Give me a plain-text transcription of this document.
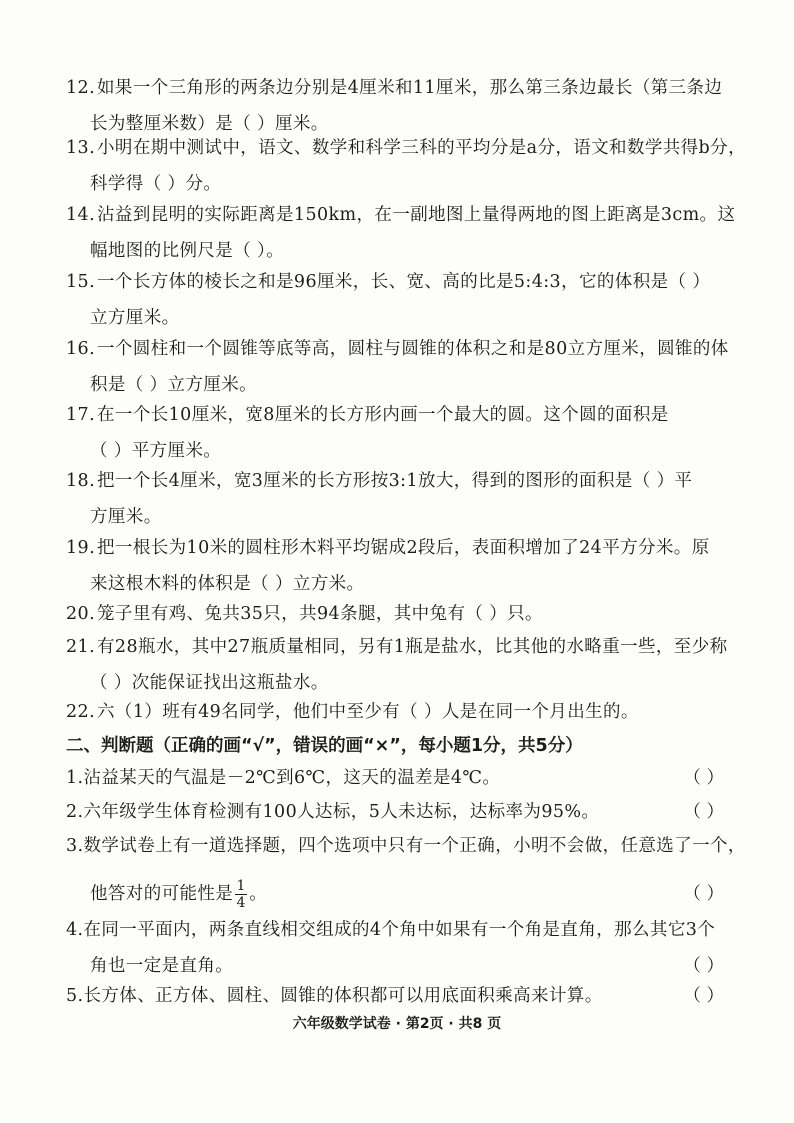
12. 如果一个三角形的两条边分别是4厘米和11厘米，那么第三条边最长（第三条边
长为整厘米数）是（ ）厘米。
13. 小明在期中测试中，语文、数学和科学三科的平均分是a分，语文和数学共得b分，
科学得（ ）分。
14. 沾益到昆明的实际距离是150km，在一副地图上量得两地的图上距离是3cm。这
幅地图的比例尺是（ ）。
15. 一个长方体的棱长之和是96厘米，长、宽、高的比是5:4:3，它的体积是（ ）
立方厘米。
16. 一个圆柱和一个圆锥等底等高，圆柱与圆锥的体积之和是80立方厘米，圆锥的体
积是（ ）立方厘米。
17. 在一个长10厘米，宽8厘米的长方形内画一个最大的圆。这个圆的面积是
（ ）平方厘米。
18. 把一个长4厘米，宽3厘米的长方形按3:1放大，得到的图形的面积是（ ）平
方厘米。
19. 把一根长为10米的圆柱形木料平均锯成2段后，表面积增加了24平方分米。原
来这根木料的体积是（ ）立方米。
20. 笼子里有鸡、兔共35只，共94条腿，其中兔有（ ）只。
21. 有28瓶水，其中27瓶质量相同，另有1瓶是盐水，比其他的水略重一些，至少称
（ ）次能保证找出这瓶盐水。
22. 六（1）班有49名同学，他们中至少有（ ）人是在同一个月出生的。
二、判断题（正确的画“√”，错误的画“×”，每小题1分，共5分）
1.沾益某天的气温是－2℃到6℃，这天的温差是4℃。	（ ）
2.六年级学生体育检测有100人达标，5人未达标，达标率为95%。	（ ）
3.数学试卷上有一道选择题，四个选项中只有一个正确，小明不会做，任意选了一个，
他答对的可能性是 $\frac{1}{4}$ 。	（ ）
4.在同一平面内，两条直线相交组成的4个角中如果有一个角是直角，那么其它3个
角也一定是直角。	（ ）
5.长方体、正方体、圆柱、圆锥的体积都可以用底面积乘高来计算。	（ ）
六年级数学试卷 · 第2页 · 共8 页
